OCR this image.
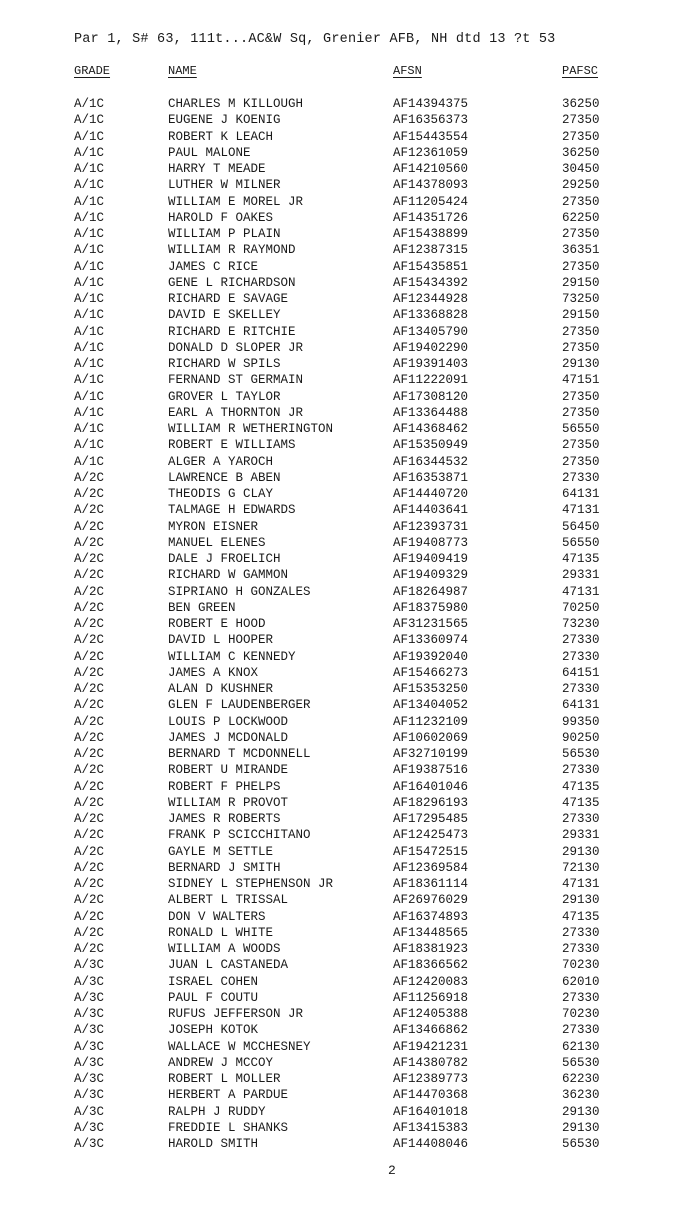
Par 1, S# 63, 111t...AC&W Sq, Grenier AFB, NH dtd 13 ?t 53
GRADE	NAME	AFSN	PAFSC
A/1C	CHARLES M KILLOUGH	AF14394375	36250
A/1C	EUGENE J KOENIG	AF16356373	27350
A/1C	ROBERT K LEACH	AF15443554	27350
A/1C	PAUL MALONE	AF12361059	36250
A/1C	HARRY T MEADE	AF14210560	30450
A/1C	LUTHER W MILNER	AF14378093	29250
A/1C	WILLIAM E MOREL JR	AF11205424	27350
A/1C	HAROLD F OAKES	AF14351726	62250
A/1C	WILLIAM P PLAIN	AF15438899	27350
A/1C	WILLIAM R RAYMOND	AF12387315	36351
A/1C	JAMES C RICE	AF15435851	27350
A/1C	GENE L RICHARDSON	AF15434392	29150
A/1C	RICHARD E SAVAGE	AF12344928	73250
A/1C	DAVID E SKELLEY	AF13368828	29150
A/1C	RICHARD E RITCHIE	AF13405790	27350
A/1C	DONALD D SLOPER JR	AF19402290	27350
A/1C	RICHARD W SPILS	AF19391403	29130
A/1C	FERNAND ST GERMAIN	AF11222091	47151
A/1C	GROVER L TAYLOR	AF17308120	27350
A/1C	EARL A THORNTON JR	AF13364488	27350
A/1C	WILLIAM R WETHERINGTON	AF14368462	56550
A/1C	ROBERT E WILLIAMS	AF15350949	27350
A/1C	ALGER A YAROCH	AF16344532	27350
A/2C	LAWRENCE B ABEN	AF16353871	27330
A/2C	THEODIS G CLAY	AF14440720	64131
A/2C	TALMAGE H EDWARDS	AF14403641	47131
A/2C	MYRON EISNER	AF12393731	56450
A/2C	MANUEL ELENES	AF19408773	56550
A/2C	DALE J FROELICH	AF19409419	47135
A/2C	RICHARD W GAMMON	AF19409329	29331
A/2C	SIPRIANO H GONZALES	AF18264987	47131
A/2C	BEN GREEN	AF18375980	70250
A/2C	ROBERT E HOOD	AF31231565	73230
A/2C	DAVID L HOOPER	AF13360974	27330
A/2C	WILLIAM C KENNEDY	AF19392040	27330
A/2C	JAMES A KNOX	AF15466273	64151
A/2C	ALAN D KUSHNER	AF15353250	27330
A/2C	GLEN F LAUDENBERGER	AF13404052	64131
A/2C	LOUIS P LOCKWOOD	AF11232109	99350
A/2C	JAMES J MCDONALD	AF10602069	90250
A/2C	BERNARD T MCDONNELL	AF32710199	56530
A/2C	ROBERT U MIRANDE	AF19387516	27330
A/2C	ROBERT F PHELPS	AF16401046	47135
A/2C	WILLIAM R PROVOT	AF18296193	47135
A/2C	JAMES R ROBERTS	AF17295485	27330
A/2C	FRANK P SCICCHITANO	AF12425473	29331
A/2C	GAYLE M SETTLE	AF15472515	29130
A/2C	BERNARD J SMITH	AF12369584	72130
A/2C	SIDNEY L STEPHENSON JR	AF18361114	47131
A/2C	ALBERT L TRISSAL	AF26976029	29130
A/2C	DON V WALTERS	AF16374893	47135
A/2C	RONALD L WHITE	AF13448565	27330
A/2C	WILLIAM A WOODS	AF18381923	27330
A/3C	JUAN L CASTANEDA	AF18366562	70230
A/3C	ISRAEL COHEN	AF12420083	62010
A/3C	PAUL F COUTU	AF11256918	27330
A/3C	RUFUS JEFFERSON JR	AF12405388	70230
A/3C	JOSEPH KOTOK	AF13466862	27330
A/3C	WALLACE W MCCHESNEY	AF19421231	62130
A/3C	ANDREW J MCCOY	AF14380782	56530
A/3C	ROBERT L MOLLER	AF12389773	62230
A/3C	HERBERT A PARDUE	AF14470368	36230
A/3C	RALPH J RUDDY	AF16401018	29130
A/3C	FREDDIE L SHANKS	AF13415383	29130
A/3C	HAROLD SMITH	AF14408046	56530
2
